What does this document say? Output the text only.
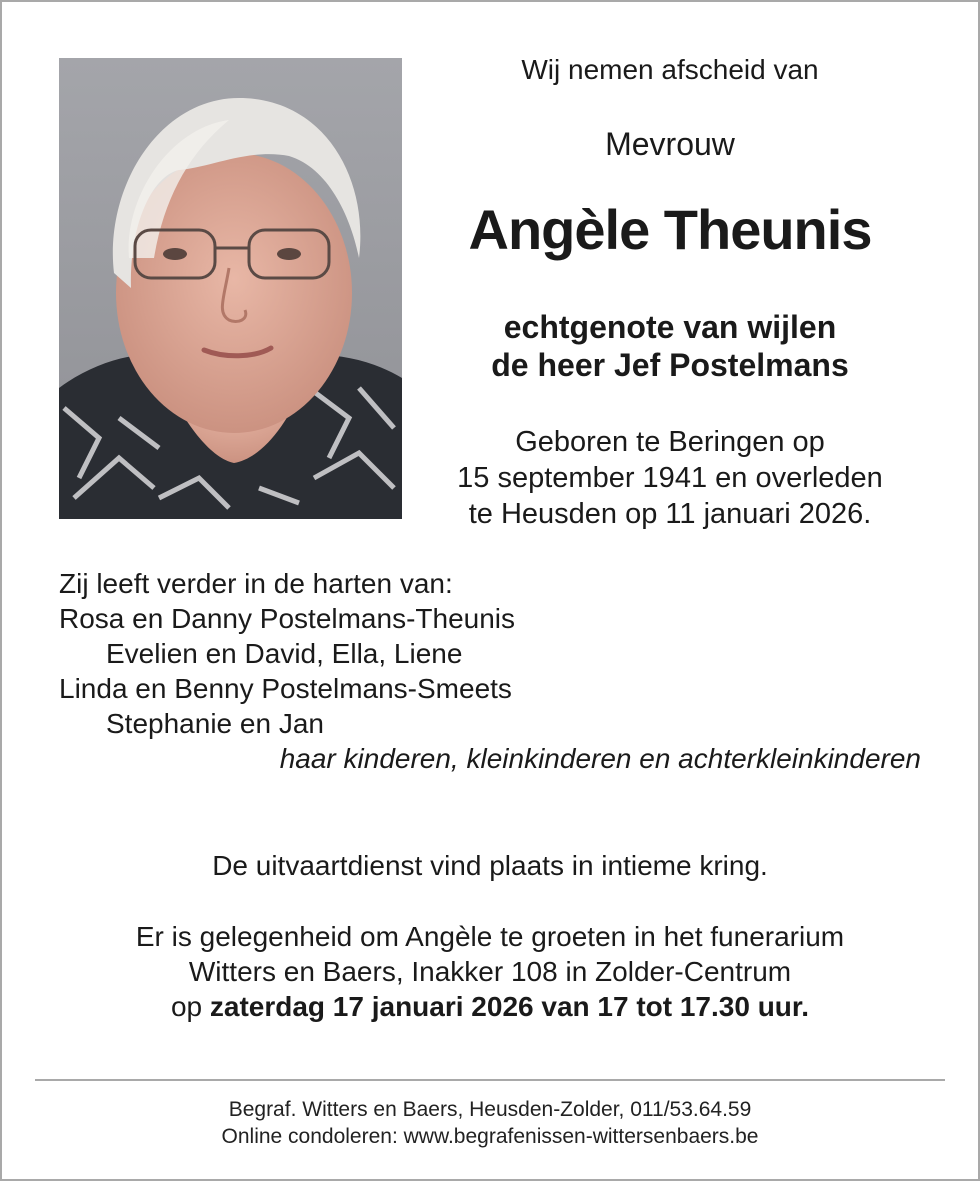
Wij nemen afscheid van
Mevrouw
Angèle Theunis
echtgenote van wijlen
de heer Jef Postelmans
Geboren te Beringen op
15 september 1941 en overleden
te Heusden op 11 januari 2026.
Zij leeft verder in de harten van:
Rosa en Danny Postelmans-Theunis
Evelien en David, Ella, Liene
Linda en Benny Postelmans-Smeets
Stephanie en Jan
haar kinderen, kleinkinderen en achterkleinkinderen
De uitvaartdienst vind plaats in intieme kring.
Er is gelegenheid om Angèle te groeten in het funerarium
Witters en Baers, Inakker 108 in Zolder-Centrum
op zaterdag 17 januari 2026 van 17 tot 17.30 uur.
Begraf. Witters en Baers, Heusden-Zolder, 011/53.64.59
Online condoleren: www.begrafenissen-wittersenbaers.be
